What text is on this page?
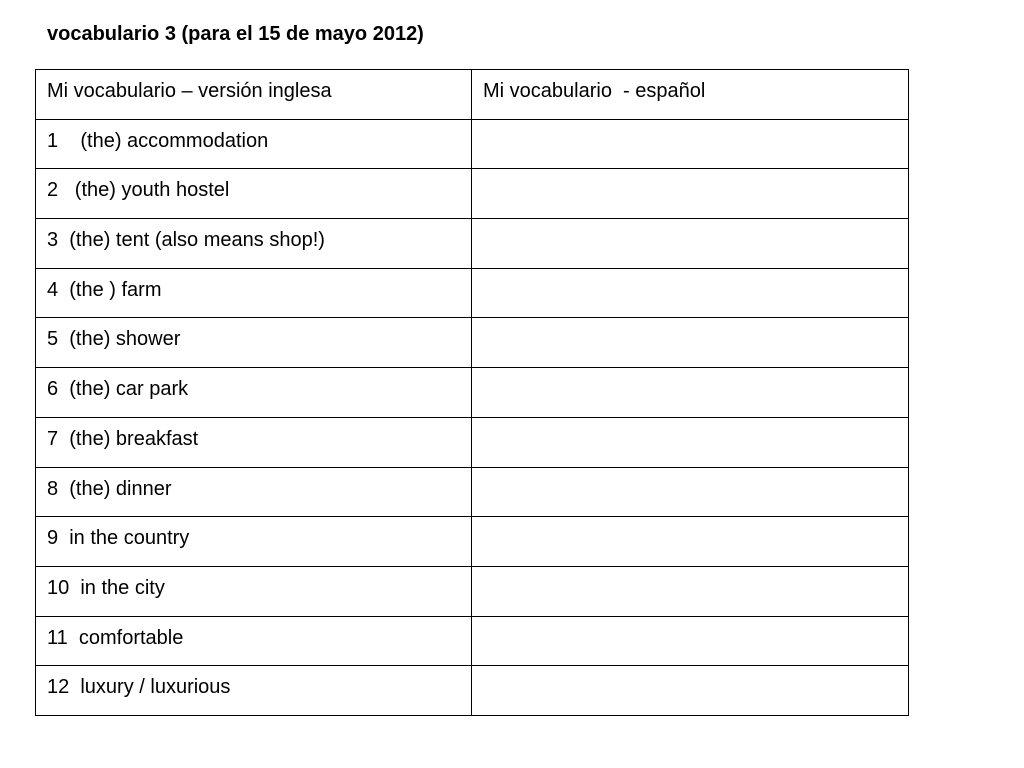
vocabulario 3 (para el 15 de mayo 2012)
Mi vocabulario – versión inglesa	Mi vocabulario  - español
1    (the) accommodation	
2   (the) youth hostel	
3  (the) tent (also means shop!)	
4  (the ) farm	
5  (the) shower	
6  (the) car park	
7  (the) breakfast	
8  (the) dinner	
9  in the country	
10  in the city	
11  comfortable	
12  luxury / luxurious	
